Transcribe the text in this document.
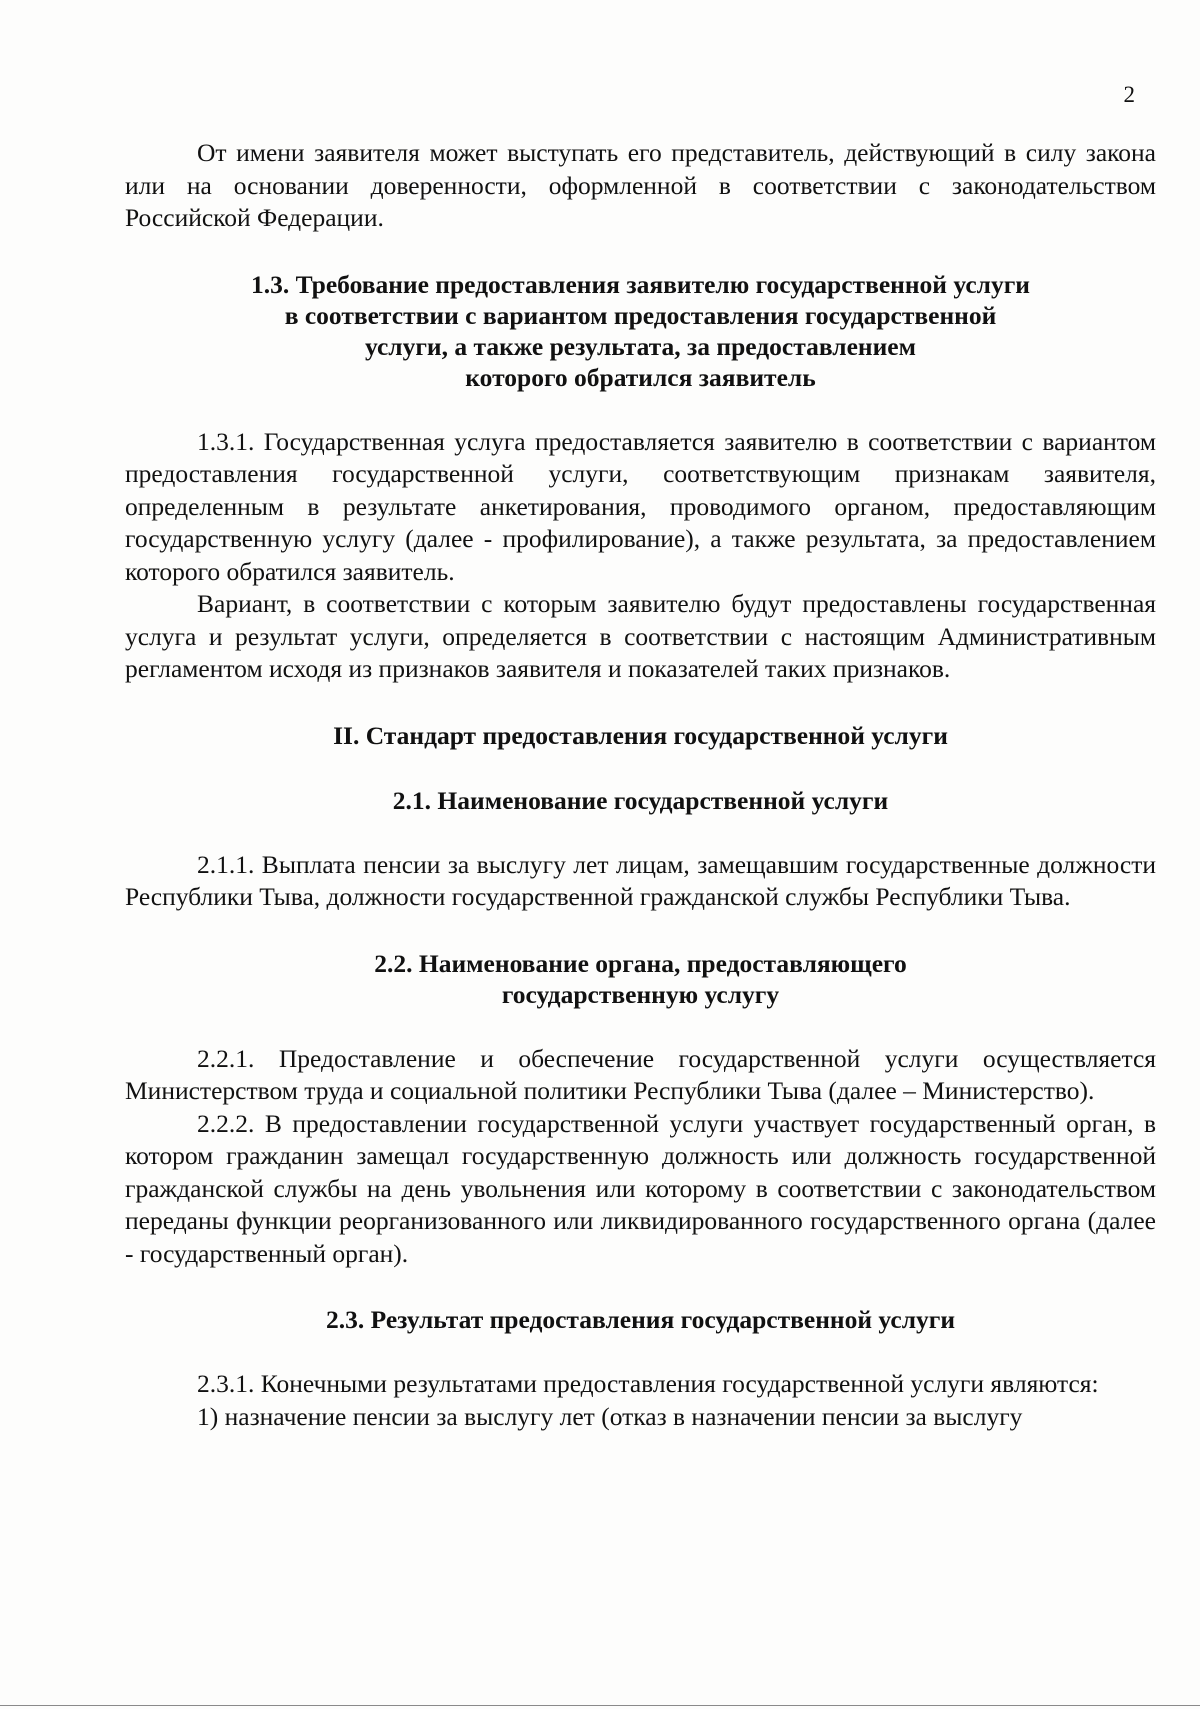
2

От имени заявителя может выступать его представитель, действующий в силу закона или на основании доверенности, оформленной в соответствии с законодательством Российской Федерации.

1.3. Требование предоставления заявителю государственной услуги
в соответствии с вариантом предоставления государственной
услуги, а также результата, за предоставлением
которого обратился заявитель

1.3.1. Государственная услуга предоставляется заявителю в соответствии с вариантом предоставления государственной услуги, соответствующим признакам заявителя, определенным в результате анкетирования, проводимого органом, предоставляющим государственную услугу (далее - профилирование), а также результата, за предоставлением которого обратился заявитель.

Вариант, в соответствии с которым заявителю будут предоставлены государственная услуга и результат услуги, определяется в соответствии с настоящим Административным регламентом исходя из признаков заявителя и показателей таких признаков.

II. Стандарт предоставления государственной услуги
2.1. Наименование государственной услуги

2.1.1. Выплата пенсии за выслугу лет лицам, замещавшим государственные должности Республики Тыва, должности государственной гражданской службы Республики Тыва.

2.2. Наименование органа, предоставляющего
государственную услугу

2.2.1. Предоставление и обеспечение государственной услуги осуществляется Министерством труда и социальной политики Республики Тыва (далее – Министерство).

2.2.2. В предоставлении государственной услуги участвует государственный орган, в котором гражданин замещал государственную должность или должность государственной гражданской службы на день увольнения или которому в соответствии с законодательством переданы функции реорганизованного или ликвидированного государственного органа (далее - государственный орган).

2.3. Результат предоставления государственной услуги

2.3.1. Конечными результатами предоставления государственной услуги являются:

1) назначение пенсии за выслугу лет (отказ в назначении пенсии за выслугу
